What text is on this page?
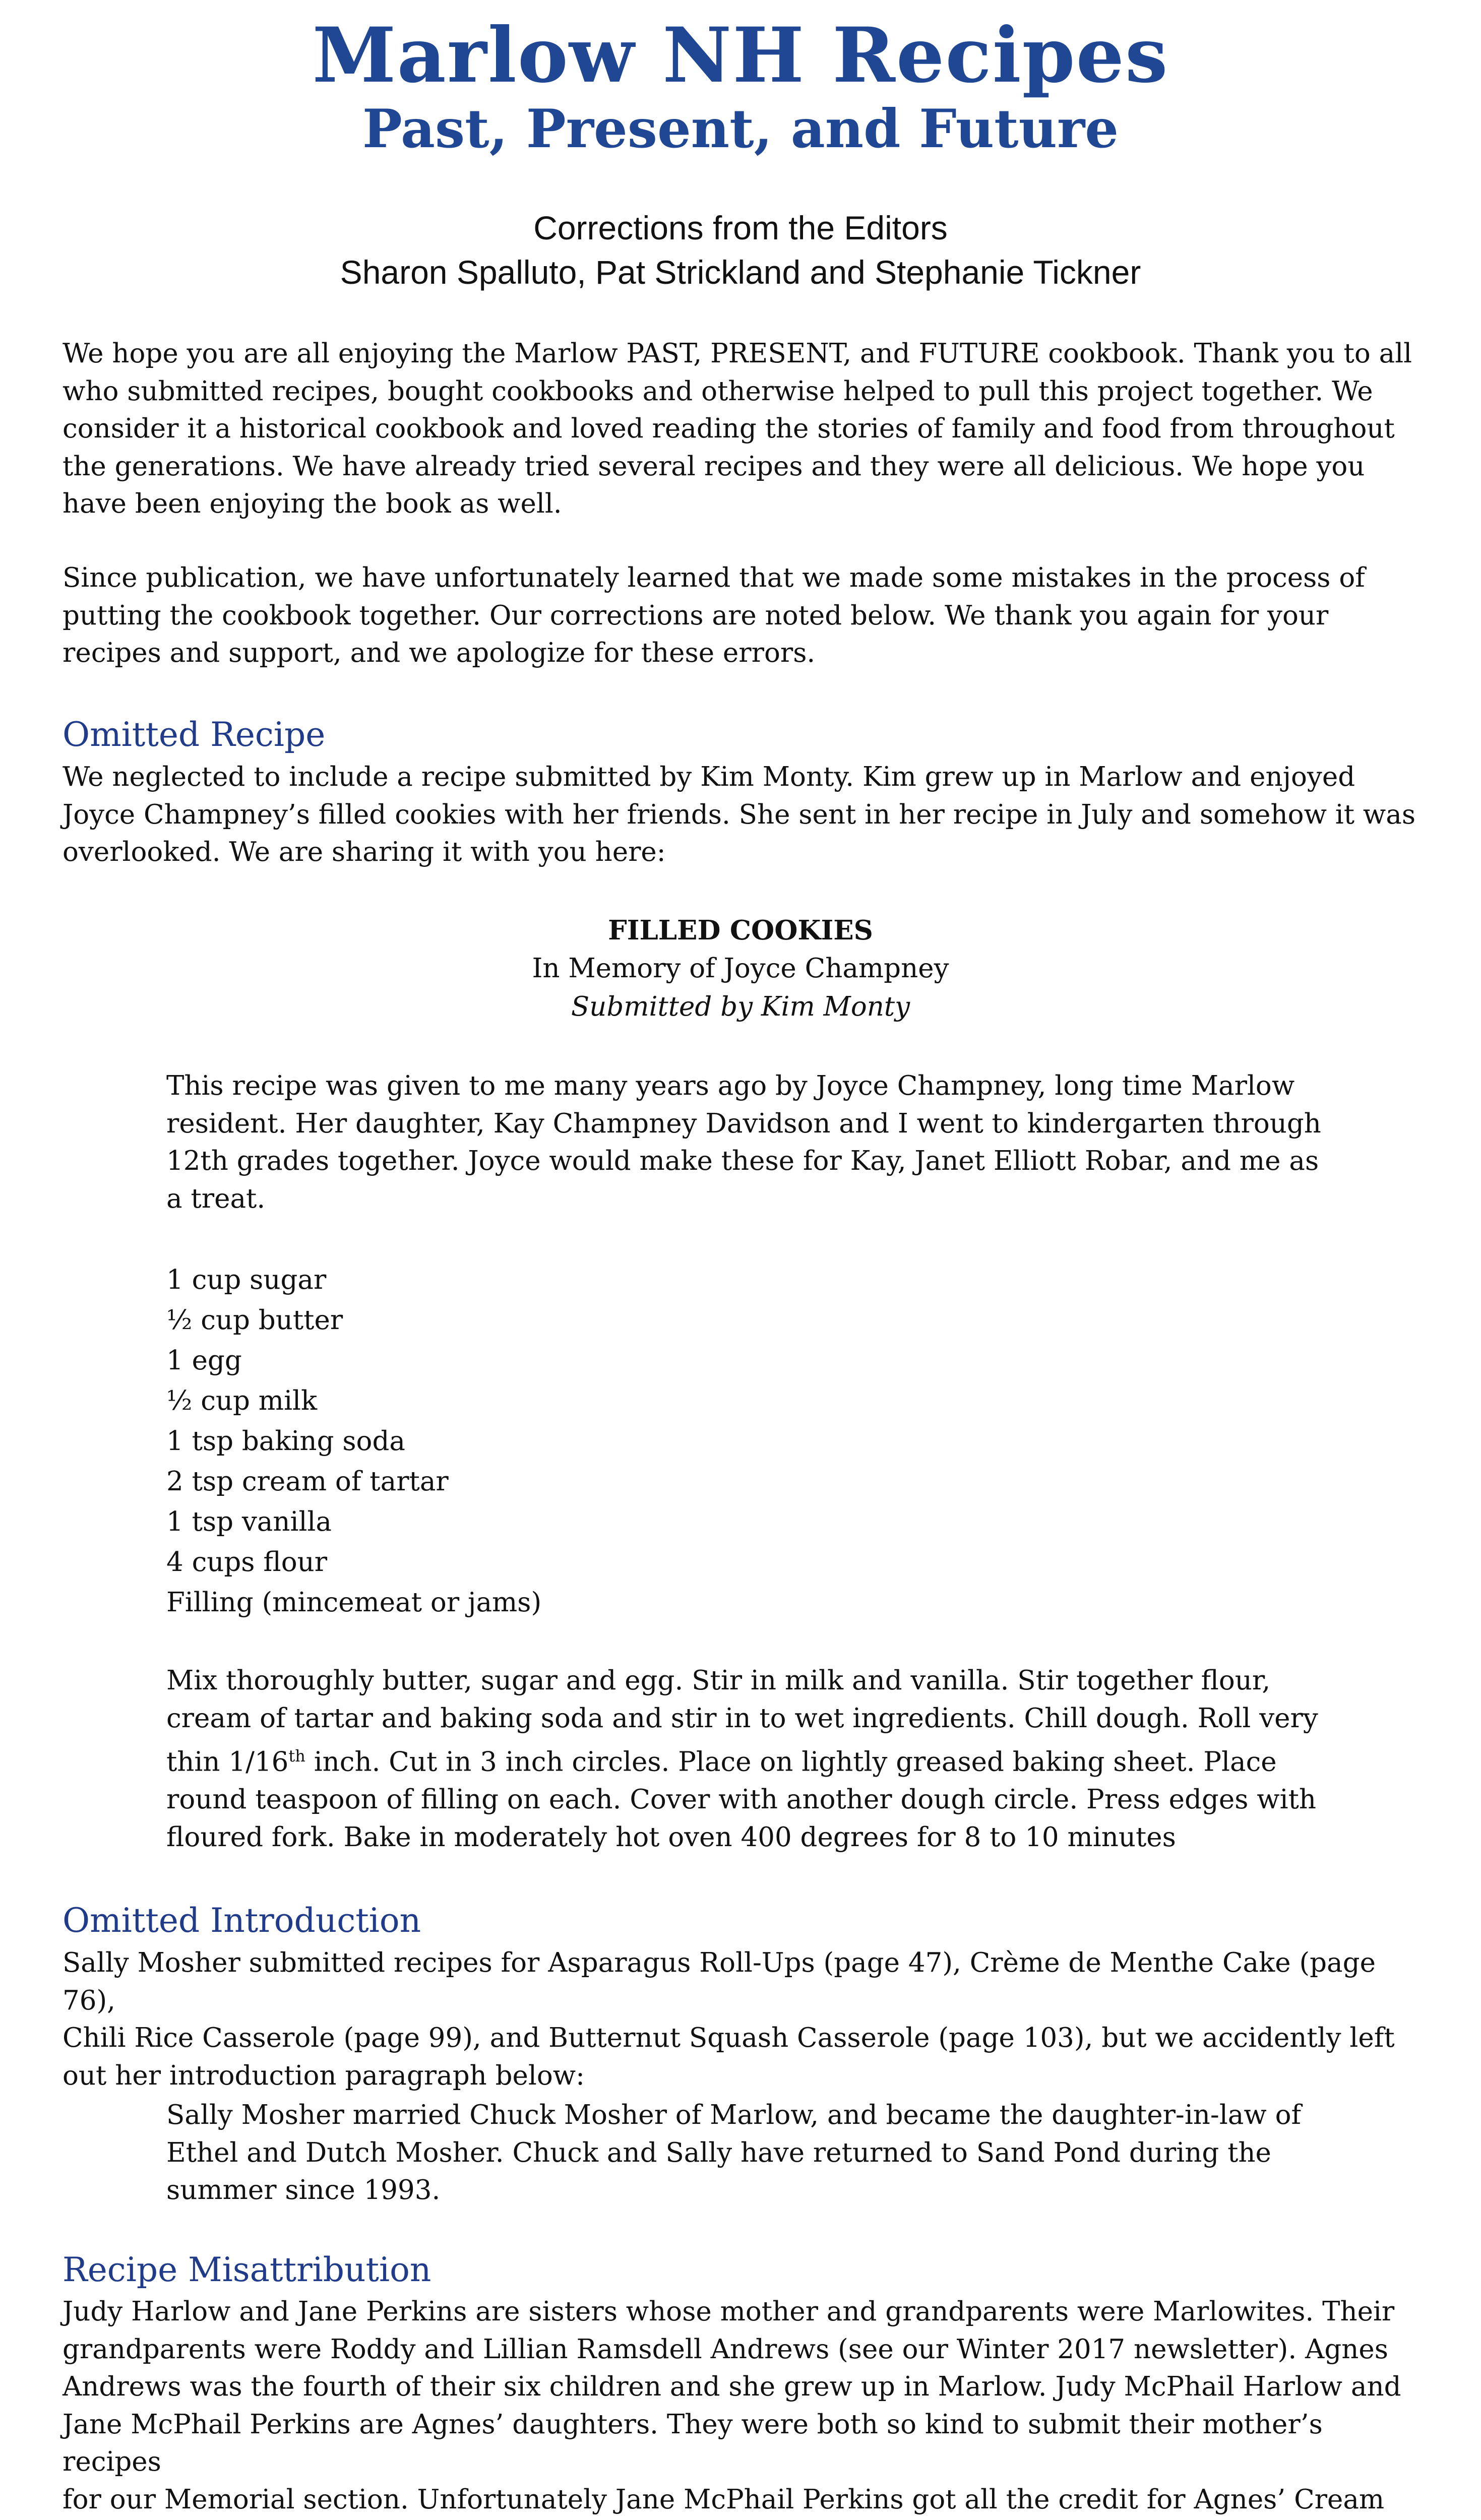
Marlow NH Recipes
Past, Present, and Future
Corrections from the Editors
Sharon Spalluto, Pat Strickland and Stephanie Tickner
We hope you are all enjoying the Marlow PAST, PRESENT, and FUTURE cookbook. Thank you to all
who submitted recipes, bought cookbooks and otherwise helped to pull this project together. We
consider it a historical cookbook and loved reading the stories of family and food from throughout
the generations. We have already tried several recipes and they were all delicious. We hope you
have been enjoying the book as well.
Since publication, we have unfortunately learned that we made some mistakes in the process of
putting the cookbook together. Our corrections are noted below. We thank you again for your
recipes and support, and we apologize for these errors.
Omitted Recipe
We neglected to include a recipe submitted by Kim Monty. Kim grew up in Marlow and enjoyed
Joyce Champney’s filled cookies with her friends. She sent in her recipe in July and somehow it was
overlooked. We are sharing it with you here:
FILLED COOKIES
In Memory of Joyce Champney
Submitted by Kim Monty
This recipe was given to me many years ago by Joyce Champney, long time Marlow
resident. Her daughter, Kay Champney Davidson and I went to kindergarten through
12th grades together. Joyce would make these for Kay, Janet Elliott Robar, and me as
a treat.
1 cup sugar
½ cup butter
1 egg
½ cup milk
1 tsp baking soda
2 tsp cream of tartar
1 tsp vanilla
4 cups flour
Filling (mincemeat or jams)
Mix thoroughly butter, sugar and egg. Stir in milk and vanilla. Stir together flour,
cream of tartar and baking soda and stir in to wet ingredients. Chill dough. Roll very
thin 1/16th inch. Cut in 3 inch circles. Place on lightly greased baking sheet. Place
round teaspoon of filling on each. Cover with another dough circle. Press edges with
floured fork. Bake in moderately hot oven 400 degrees for 8 to 10 minutes
Omitted Introduction
Sally Mosher submitted recipes for Asparagus Roll-Ups (page 47), Crème de Menthe Cake (page 76),
Chili Rice Casserole (page 99), and Butternut Squash Casserole (page 103), but we accidently left
out her introduction paragraph below:
Sally Mosher married Chuck Mosher of Marlow, and became the daughter-in-law of
Ethel and Dutch Mosher. Chuck and Sally have returned to Sand Pond during the
summer since 1993.
Recipe Misattribution
Judy Harlow and Jane Perkins are sisters whose mother and grandparents were Marlowites. Their
grandparents were Roddy and Lillian Ramsdell Andrews (see our Winter 2017 newsletter). Agnes
Andrews was the fourth of their six children and she grew up in Marlow. Judy McPhail Harlow and
Jane McPhail Perkins are Agnes’ daughters. They were both so kind to submit their mother’s recipes
for our Memorial section. Unfortunately Jane McPhail Perkins got all the credit for Agnes’ Cream
